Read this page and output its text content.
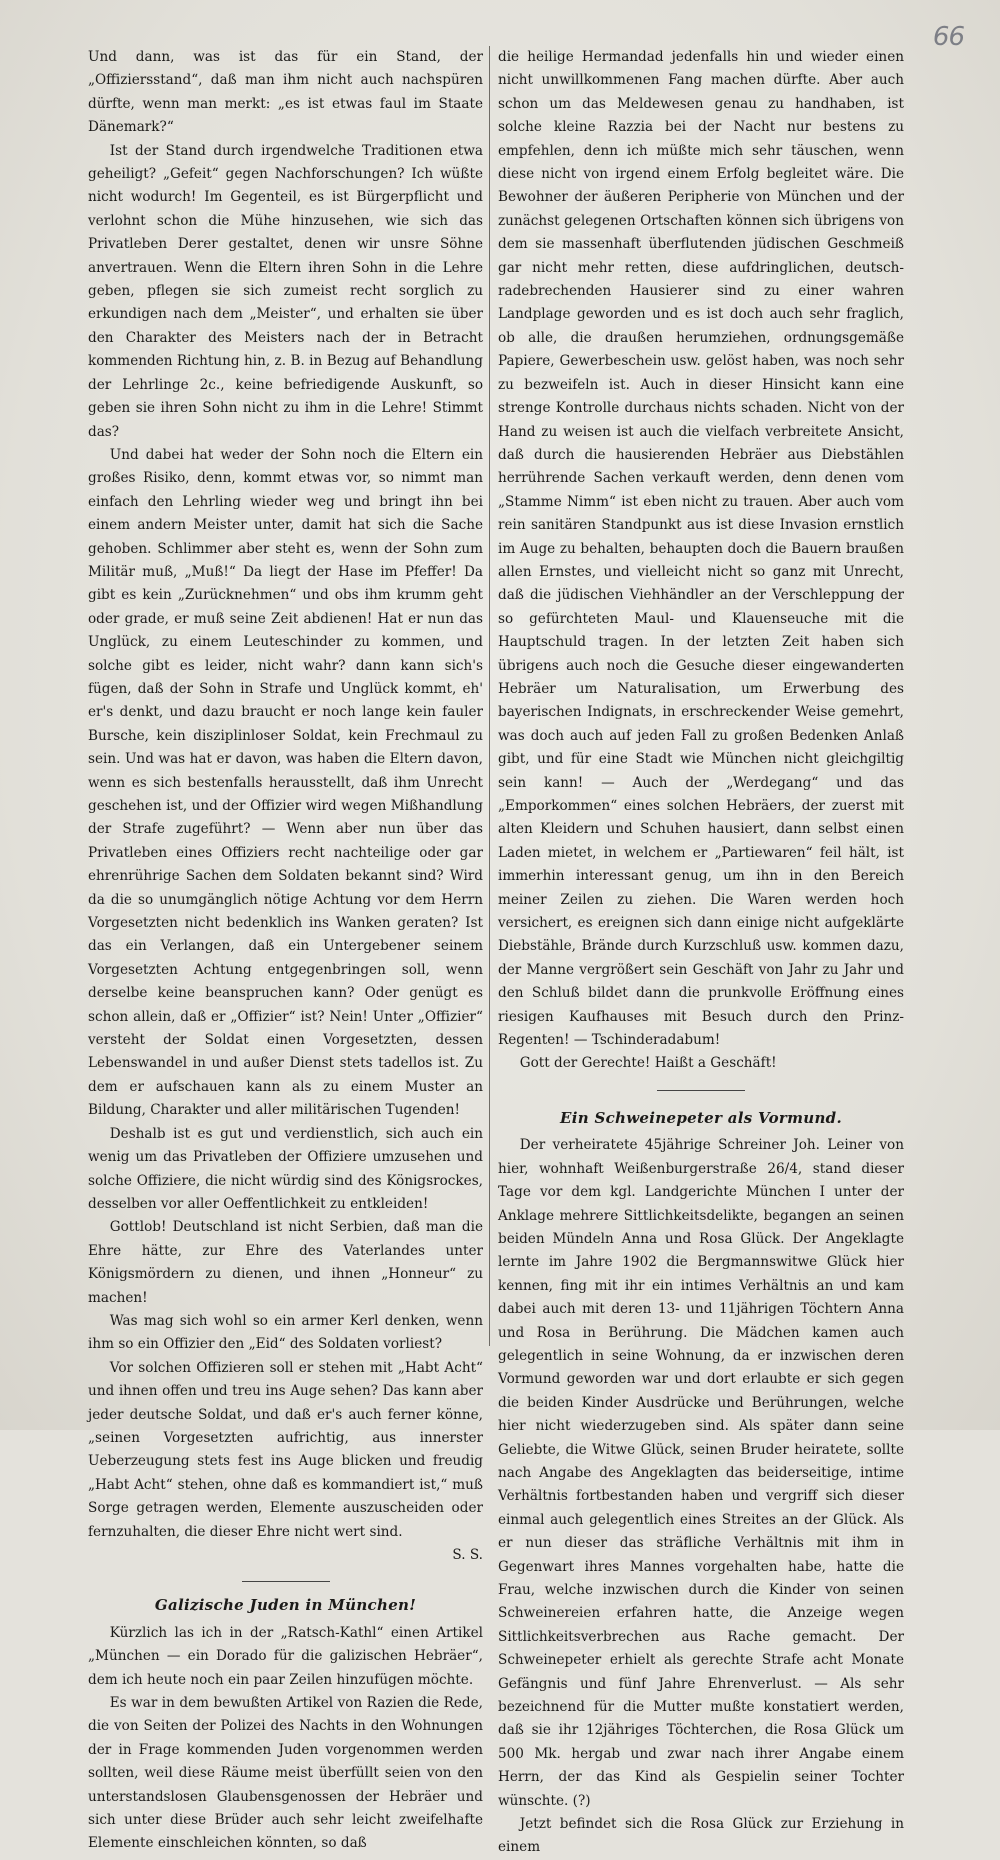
66

Und dann, was ist das für ein Stand, der „Offiziersstand“, daß man ihm nicht auch nachspüren dürfte, wenn man merkt: „es ist etwas faul im Staate Dänemark?“

Ist der Stand durch irgendwelche Traditionen etwa geheiligt? „Gefeit“ gegen Nachforschungen? Ich wüßte nicht wodurch! Im Gegenteil, es ist Bürgerpflicht und verlohnt schon die Mühe hinzusehen, wie sich das Privatleben Derer gestaltet, denen wir unsre Söhne anvertrauen. Wenn die Eltern ihren Sohn in die Lehre geben, pflegen sie sich zumeist recht sorglich zu erkundigen nach dem „Meister“, und erhalten sie über den Charakter des Meisters nach der in Betracht kommenden Richtung hin, z. B. in Bezug auf Behandlung der Lehrlinge 2c., keine befriedigende Auskunft, so geben sie ihren Sohn nicht zu ihm in die Lehre! Stimmt das?

Und dabei hat weder der Sohn noch die Eltern ein großes Risiko, denn, kommt etwas vor, so nimmt man einfach den Lehrling wieder weg und bringt ihn bei einem andern Meister unter, damit hat sich die Sache gehoben. Schlimmer aber steht es, wenn der Sohn zum Militär muß, „Muß!“ Da liegt der Hase im Pfeffer! Da gibt es kein „Zurücknehmen“ und obs ihm krumm geht oder grade, er muß seine Zeit abdienen! Hat er nun das Unglück, zu einem Leuteschinder zu kommen, und solche gibt es leider, nicht wahr? dann kann sich's fügen, daß der Sohn in Strafe und Unglück kommt, eh' er's denkt, und dazu braucht er noch lange kein fauler Bursche, kein disziplinloser Soldat, kein Frechmaul zu sein. Und was hat er davon, was haben die Eltern davon, wenn es sich bestenfalls herausstellt, daß ihm Unrecht geschehen ist, und der Offizier wird wegen Mißhandlung der Strafe zugeführt? — Wenn aber nun über das Privatleben eines Offiziers recht nachteilige oder gar ehrenrührige Sachen dem Soldaten bekannt sind? Wird da die so unumgänglich nötige Achtung vor dem Herrn Vorgesetzten nicht bedenklich ins Wanken geraten? Ist das ein Verlangen, daß ein Untergebener seinem Vorgesetzten Achtung entgegenbringen soll, wenn derselbe keine beanspruchen kann? Oder genügt es schon allein, daß er „Offizier“ ist? Nein! Unter „Offizier“ versteht der Soldat einen Vorgesetzten, dessen Lebenswandel in und außer Dienst stets tadellos ist. Zu dem er aufschauen kann als zu einem Muster an Bildung, Charakter und aller militärischen Tugenden!

Deshalb ist es gut und verdienstlich, sich auch ein wenig um das Privatleben der Offiziere umzusehen und solche Offiziere, die nicht würdig sind des Königsrockes, desselben vor aller Oeffentlichkeit zu entkleiden!

Gottlob! Deutschland ist nicht Serbien, daß man die Ehre hätte, zur Ehre des Vaterlandes unter Königsmördern zu dienen, und ihnen „Honneur“ zu machen!

Was mag sich wohl so ein armer Kerl denken, wenn ihm so ein Offizier den „Eid“ des Soldaten vorliest?

Vor solchen Offizieren soll er stehen mit „Habt Acht“ und ihnen offen und treu ins Auge sehen? Das kann aber jeder deutsche Soldat, und daß er's auch ferner könne, „seinen Vorgesetzten aufrichtig, aus innerster Ueberzeugung stets fest ins Auge blicken und freudig „Habt Acht“ stehen, ohne daß es kommandiert ist,“ muß Sorge getragen werden, Elemente auszuscheiden oder fernzuhalten, die dieser Ehre nicht wert sind.

S. S.

Galizische Juden in München!

Kürzlich las ich in der „Ratsch-Kathl“ einen Artikel „München — ein Dorado für die galizischen Hebräer“, dem ich heute noch ein paar Zeilen hinzufügen möchte.

Es war in dem bewußten Artikel von Razien die Rede, die von Seiten der Polizei des Nachts in den Wohnungen der in Frage kommenden Juden vorgenommen werden sollten, weil diese Räume meist überfüllt seien von den unterstandslosen Glaubensgenossen der Hebräer und sich unter diese Brüder auch sehr leicht zweifelhafte Elemente einschleichen könnten, so daß

die heilige Hermandad jedenfalls hin und wieder einen nicht unwillkommenen Fang machen dürfte. Aber auch schon um das Meldewesen genau zu handhaben, ist solche kleine Razzia bei der Nacht nur bestens zu empfehlen, denn ich müßte mich sehr täuschen, wenn diese nicht von irgend einem Erfolg begleitet wäre. Die Bewohner der äußeren Peripherie von München und der zunächst gelegenen Ortschaften können sich übrigens von dem sie massenhaft überflutenden jüdischen Geschmeiß gar nicht mehr retten, diese aufdringlichen, deutsch-radebrechenden Hausierer sind zu einer wahren Landplage geworden und es ist doch auch sehr fraglich, ob alle, die draußen herumziehen, ordnungsgemäße Papiere, Gewerbeschein usw. gelöst haben, was noch sehr zu bezweifeln ist. Auch in dieser Hinsicht kann eine strenge Kontrolle durchaus nichts schaden. Nicht von der Hand zu weisen ist auch die vielfach verbreitete Ansicht, daß durch die hausierenden Hebräer aus Diebstählen herrührende Sachen verkauft werden, denn denen vom „Stamme Nimm“ ist eben nicht zu trauen. Aber auch vom rein sanitären Standpunkt aus ist diese Invasion ernstlich im Auge zu behalten, behaupten doch die Bauern braußen allen Ernstes, und vielleicht nicht so ganz mit Unrecht, daß die jüdischen Viehhändler an der Verschleppung der so gefürchteten Maul- und Klauenseuche mit die Hauptschuld tragen. In der letzten Zeit haben sich übrigens auch noch die Gesuche dieser eingewanderten Hebräer um Naturalisation, um Erwerbung des bayerischen Indignats, in erschreckender Weise gemehrt, was doch auch auf jeden Fall zu großen Bedenken Anlaß gibt, und für eine Stadt wie München nicht gleichgiltig sein kann! — Auch der „Werdegang“ und das „Emporkommen“ eines solchen Hebräers, der zuerst mit alten Kleidern und Schuhen hausiert, dann selbst einen Laden mietet, in welchem er „Partiewaren“ feil hält, ist immerhin interessant genug, um ihn in den Bereich meiner Zeilen zu ziehen. Die Waren werden hoch versichert, es ereignen sich dann einige nicht aufgeklärte Diebstähle, Brände durch Kurzschluß usw. kommen dazu, der Manne vergrößert sein Geschäft von Jahr zu Jahr und den Schluß bildet dann die prunkvolle Eröffnung eines riesigen Kaufhauses mit Besuch durch den Prinz-Regenten! — Tschinderadabum!

Gott der Gerechte! Haißt a Geschäft!

Ein Schweinepeter als Vormund.

Der verheiratete 45jährige Schreiner Joh. Leiner von hier, wohnhaft Weißenburgerstraße 26/4, stand dieser Tage vor dem kgl. Landgerichte München I unter der Anklage mehrere Sittlichkeitsdelikte, begangen an seinen beiden Mündeln Anna und Rosa Glück. Der Angeklagte lernte im Jahre 1902 die Bergmannswitwe Glück hier kennen, fing mit ihr ein intimes Verhältnis an und kam dabei auch mit deren 13- und 11jährigen Töchtern Anna und Rosa in Berührung. Die Mädchen kamen auch gelegentlich in seine Wohnung, da er inzwischen deren Vormund geworden war und dort erlaubte er sich gegen die beiden Kinder Ausdrücke und Berührungen, welche hier nicht wiederzugeben sind. Als später dann seine Geliebte, die Witwe Glück, seinen Bruder heiratete, sollte nach Angabe des Angeklagten das beiderseitige, intime Verhältnis fortbestanden haben und vergriff sich dieser einmal auch gelegentlich eines Streites an der Glück. Als er nun dieser das sträfliche Verhältnis mit ihm in Gegenwart ihres Mannes vorgehalten habe, hatte die Frau, welche inzwischen durch die Kinder von seinen Schweinereien erfahren hatte, die Anzeige wegen Sittlichkeitsverbrechen aus Rache gemacht. Der Schweinepeter erhielt als gerechte Strafe acht Monate Gefängnis und fünf Jahre Ehrenverlust. — Als sehr bezeichnend für die Mutter mußte konstatiert werden, daß sie ihr 12jähriges Töchterchen, die Rosa Glück um 500 Mk. hergab und zwar nach ihrer Angabe einem Herrn, der das Kind als Gespielin seiner Tochter wünschte. (?)

Jetzt befindet sich die Rosa Glück zur Erziehung in einem
